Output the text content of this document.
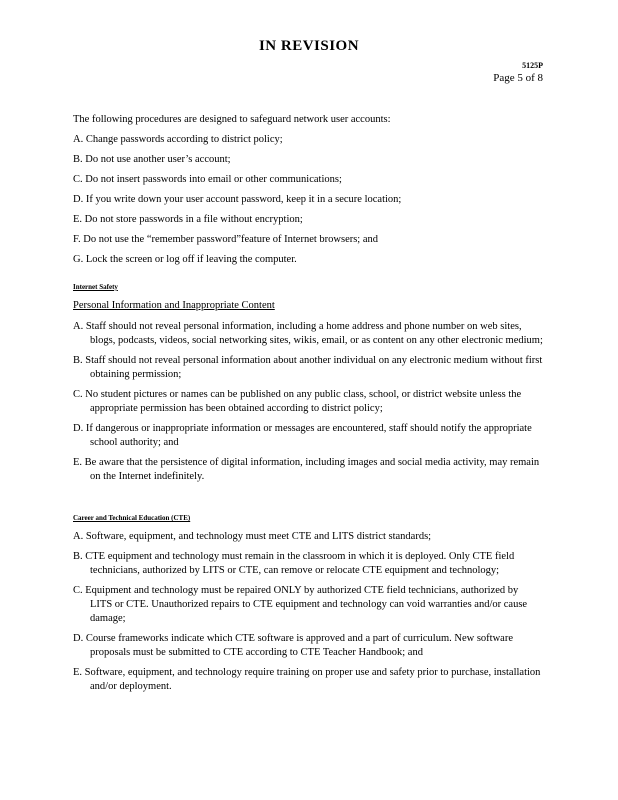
IN REVISION
5125P
Page 5 of 8

The following procedures are designed to safeguard network user accounts:

A. Change passwords according to district policy;

B. Do not use another user’s account;

C. Do not insert passwords into email or other communications;

D. If you write down your user account password, keep it in a secure location;

E. Do not store passwords in a file without encryption;

F. Do not use the “remember password”feature of Internet browsers; and

G. Lock the screen or log off if leaving the computer.

Internet Safety
Personal Information and Inappropriate Content
A. Staff should not reveal personal information, including a home address and phone number on web sites, blogs, podcasts, videos, social networking sites, wikis, email, or as content on any other electronic medium;
B. Staff should not reveal personal information about another individual on any electronic medium without first obtaining permission;
C. No student pictures or names can be published on any public class, school, or district website unless the appropriate permission has been obtained according to district policy;
D. If dangerous or inappropriate information or messages are encountered, staff should notify the appropriate school authority; and
E. Be aware that the persistence of digital information, including images and social media activity, may remain on the Internet indefinitely.
Career and Technical Education (CTE)
A. Software, equipment, and technology must meet CTE and LITS district standards;
B. CTE equipment and technology must remain in the classroom in which it is deployed. Only CTE field technicians, authorized by LITS or CTE, can remove or relocate CTE equipment and technology;
C. Equipment and technology must be repaired ONLY by authorized CTE field technicians, authorized by LITS or CTE. Unauthorized repairs to CTE equipment and technology can void warranties and/or cause damage;
D. Course frameworks indicate which CTE software is approved and a part of curriculum. New software proposals must be submitted to CTE according to CTE Teacher Handbook; and
E. Software, equipment, and technology require training on proper use and safety prior to purchase, installation and/or deployment.
